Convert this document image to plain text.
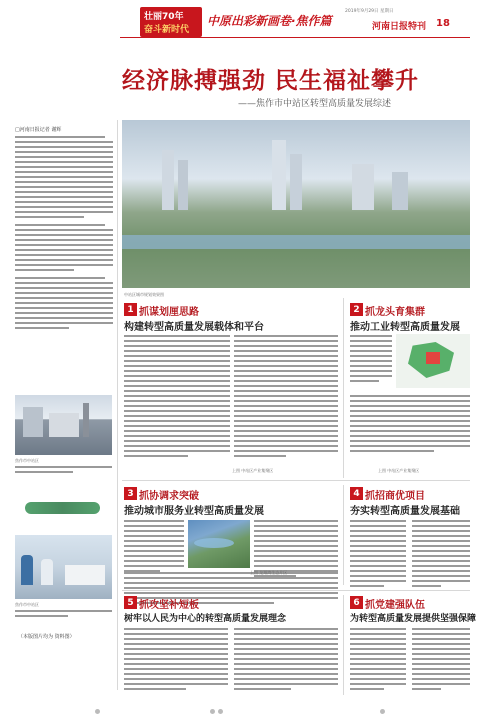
壮丽70年
奋斗新时代
中原出彩新画卷·焦作篇
2019年9月29日 星期日
河南日报特刊 18
经济脉搏强劲 民生福祉攀升
——焦作市中站区转型高质量发展综述
□河南日报记者 谢辉
焦作市中站区
焦作市中站区
（本版图片均为 资料图）
中站区城市规划效果图
1 抓谋划厘思路
构建转型高质量发展载体和平台
上图 中站区产业集聚区
2 抓龙头育集群
推动工业转型高质量发展
上图 中站区产业集聚区
3 抓协调求突破
推动城市服务业转型高质量发展
上图 龙翔湾生态片区
4 抓招商优项目
夯实转型高质量发展基础
5 抓攻坚补短板
树牢以人民为中心的转型高质量发展理念
6 抓党建强队伍
为转型高质量发展提供坚强保障
